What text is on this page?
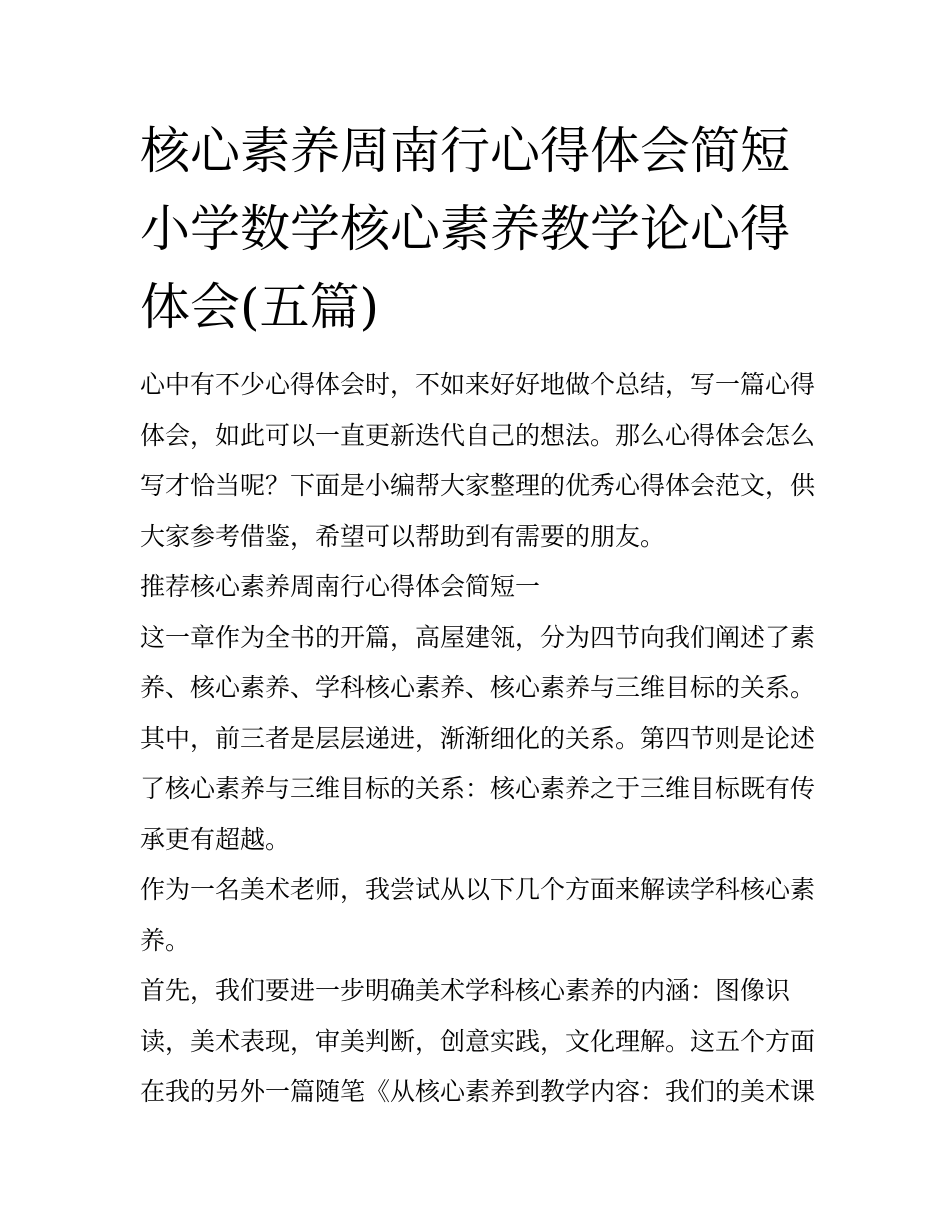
核心素养周南行心得体会简短
小学数学核心素养教学论心得
体会(五篇)
心中有不少心得体会时，不如来好好地做个总结，写一篇心得
体会，如此可以一直更新迭代自己的想法。那么心得体会怎么
写才恰当呢？下面是小编帮大家整理的优秀心得体会范文，供
大家参考借鉴，希望可以帮助到有需要的朋友。
推荐核心素养周南行心得体会简短一
这一章作为全书的开篇，高屋建瓴，分为四节向我们阐述了素
养、核心素养、学科核心素养、核心素养与三维目标的关系。
其中，前三者是层层递进，渐渐细化的关系。第四节则是论述
了核心素养与三维目标的关系：核心素养之于三维目标既有传
承更有超越。
作为一名美术老师，我尝试从以下几个方面来解读学科核心素
养。
首先，我们要进一步明确美术学科核心素养的内涵：图像识
读，美术表现，审美判断，创意实践，文化理解。这五个方面
在我的另外一篇随笔《从核心素养到教学内容：我们的美术课
